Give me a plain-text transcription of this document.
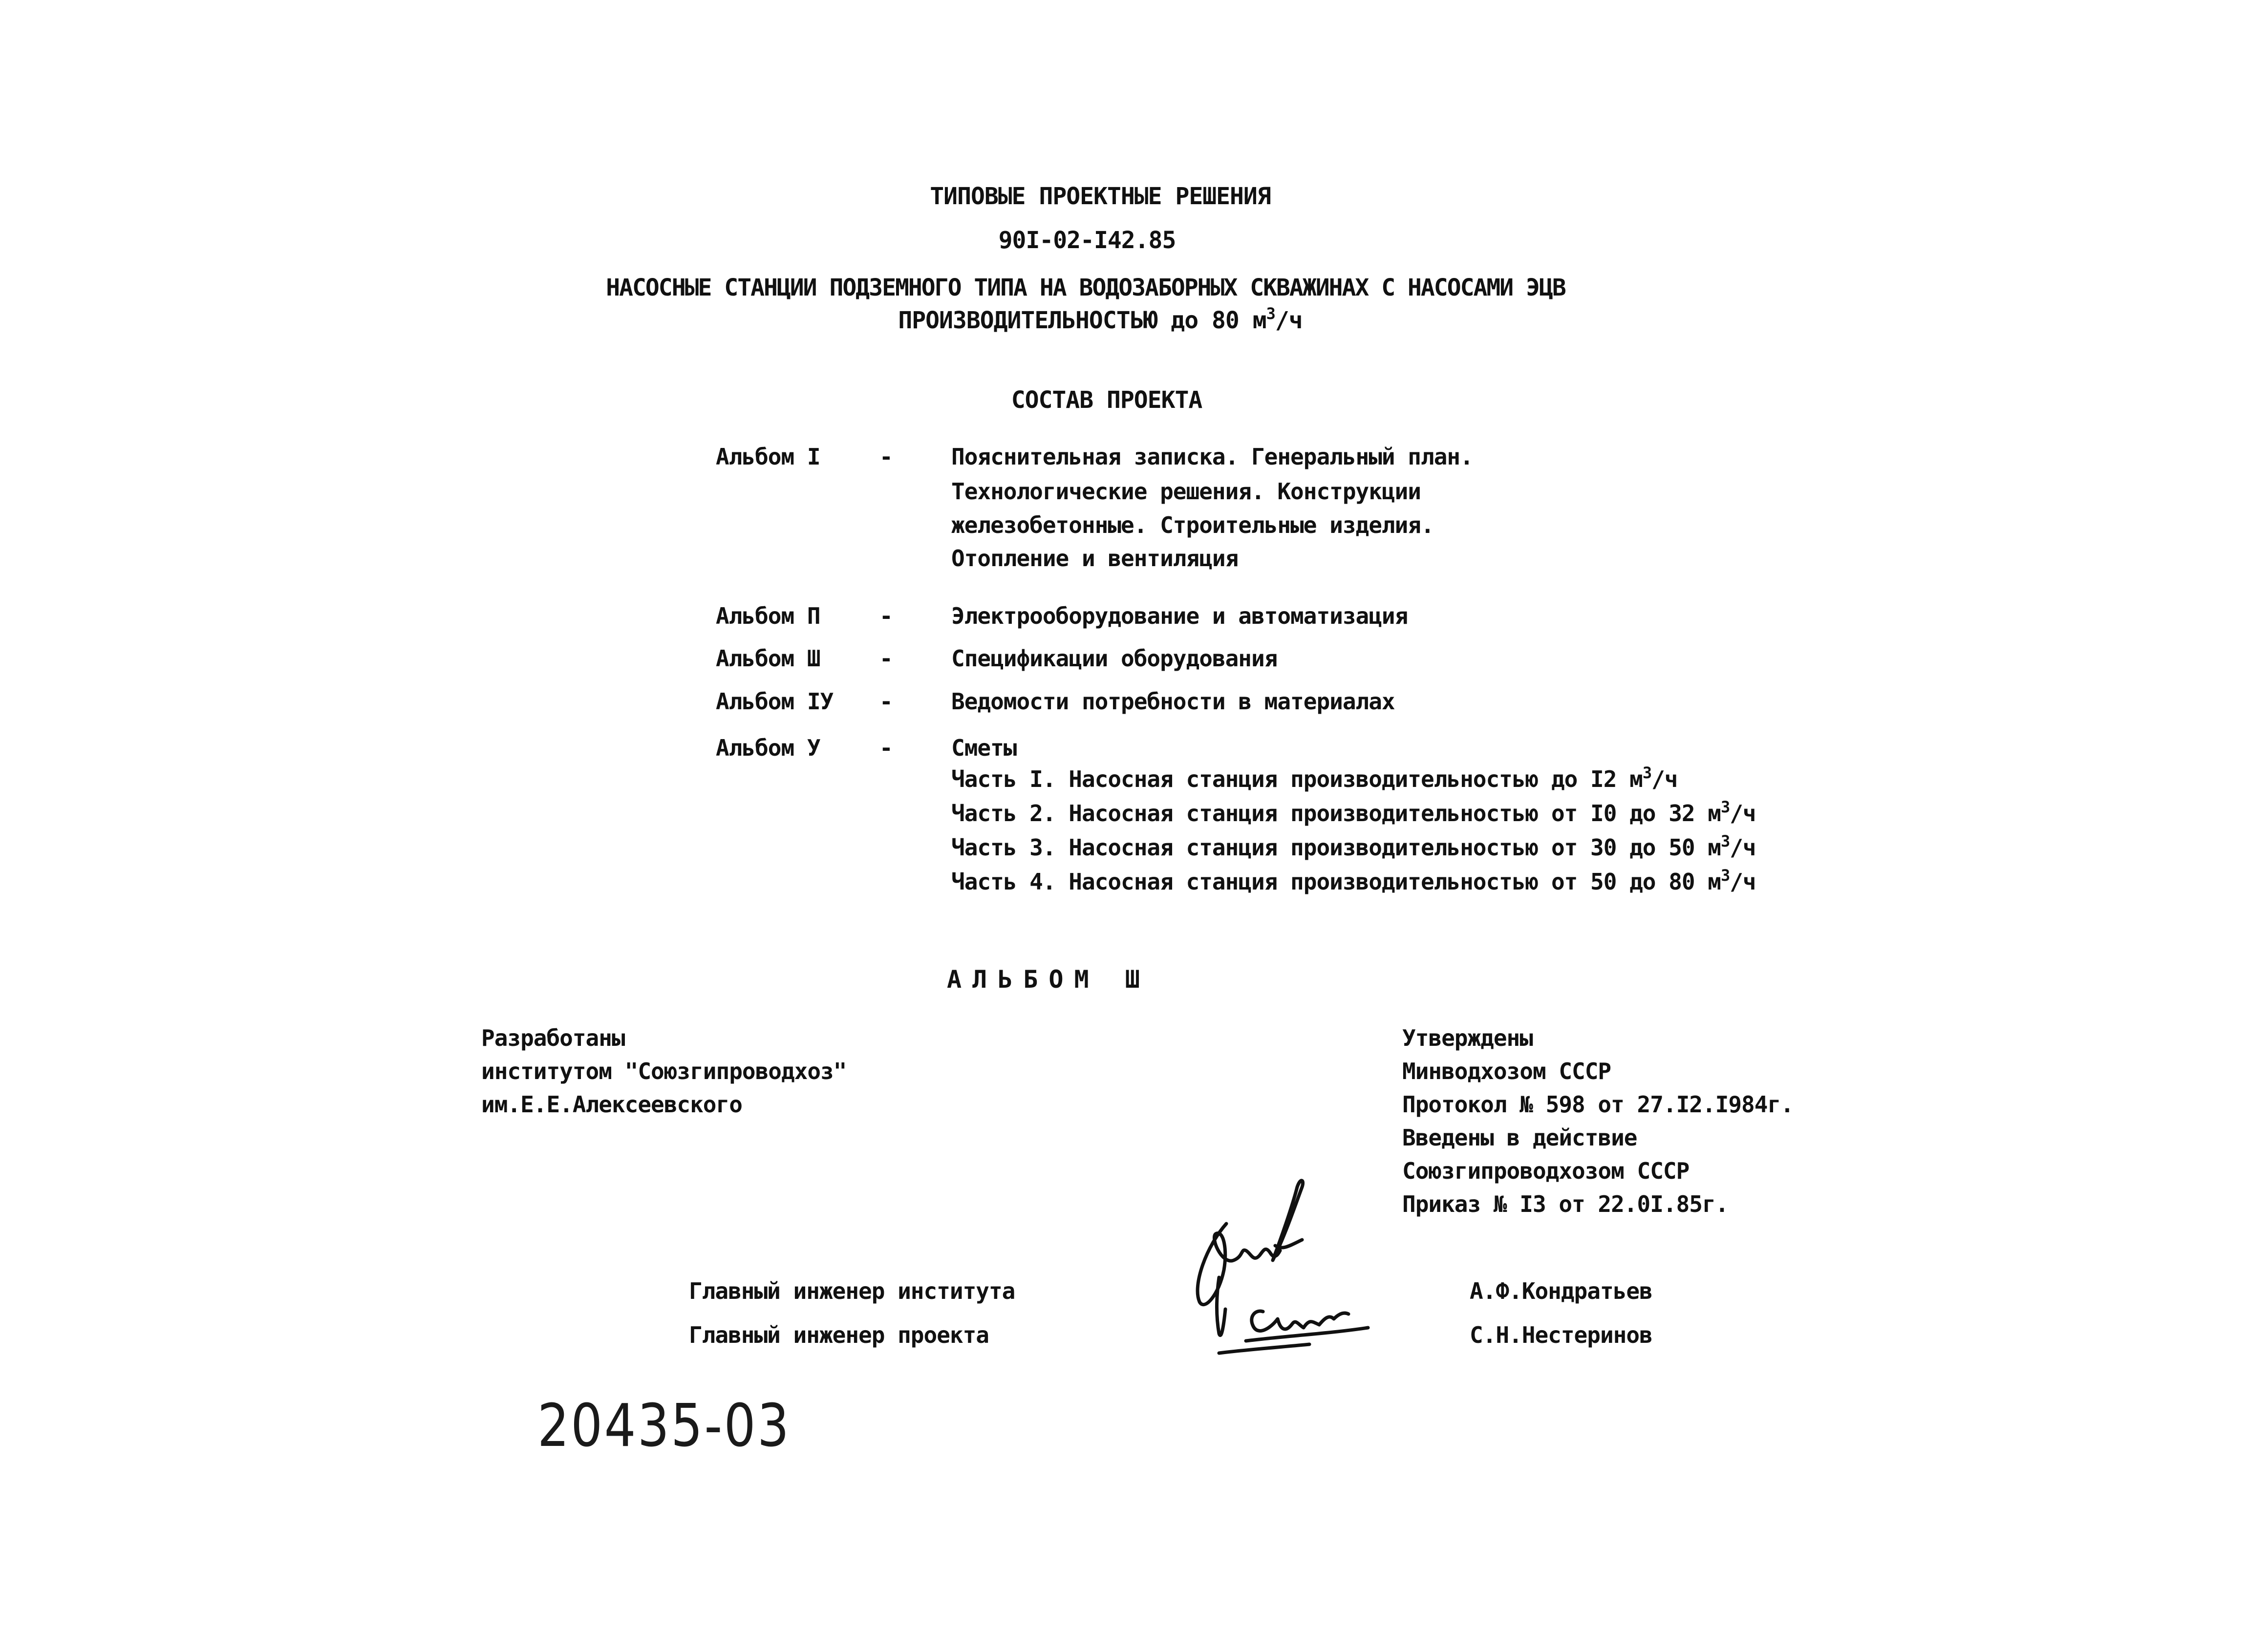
ТИПОВЫЕ ПРОЕКТНЫЕ РЕШЕНИЯ
90I-02-I42.85
НАСОСНЫЕ СТАНЦИИ ПОДЗЕМНОГО ТИПА НА ВОДОЗАБОРНЫХ СКВАЖИНАХ С НАСОСАМИ ЭЦВ
ПРОИЗВОДИТЕЛЬНОСТЬЮ до 80 $м^3/ч$
СОСТАВ ПРОЕКТА
Альбом I	-	Пояснительная записка. Генеральный план.
Технологические решения. Конструкции
железобетонные. Строительные изделия.
Отопление и вентиляция
Альбом П	-	Электрооборудование и автоматизация
Альбом Ш	-	Спецификации оборудования
Альбом IУ -	Ведомости потребности в материалах
Альбом У	-	Сметы
Часть I. Насосная станция производительностью до I2 $м^3/ч$
Часть 2. Насосная станция производительностью от I0 до 32 $м^3/ч$
Часть 3. Насосная станция производительностью от 30 до 50 $м^3/ч$
Часть 4. Насосная станция производительностью от 50 до 80 $м^3/ч$
АЛЬБОМ Ш
Разработаны
институтом "Союзгипроводхоз"
им.Е.Е.Алексеевского
Утверждены
Минводхозом СССР
Протокол № 598 от 27.I2.I984г.
Введены в действие
Союзгипроводхозом СССР
Приказ № I3 от 22.0I.85г.
Главный инженер института	А.Ф.Кондратьев
Главный инженер проекта	С.Н.Нестеринов
20435-03
